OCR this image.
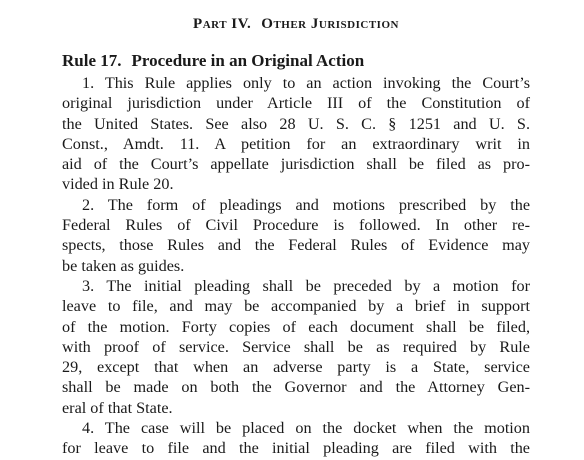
Part IV. Other Jurisdiction
Rule 17. Procedure in an Original Action
1. This Rule applies only to an action invoking the Court’s
original jurisdiction under Article III of the Constitution of
the United States. See also 28 U. S. C. § 1251 and U. S.
Const., Amdt. 11. A petition for an extraordinary writ in
aid of the Court’s appellate jurisdiction shall be filed as pro-
vided in Rule 20.
2. The form of pleadings and motions prescribed by the
Federal Rules of Civil Procedure is followed. In other re-
spects, those Rules and the Federal Rules of Evidence may
be taken as guides.
3. The initial pleading shall be preceded by a motion for
leave to file, and may be accompanied by a brief in support
of the motion. Forty copies of each document shall be filed,
with proof of service. Service shall be as required by Rule
29, except that when an adverse party is a State, service
shall be made on both the Governor and the Attorney Gen-
eral of that State.
4. The case will be placed on the docket when the motion
for leave to file and the initial pleading are filed with the
